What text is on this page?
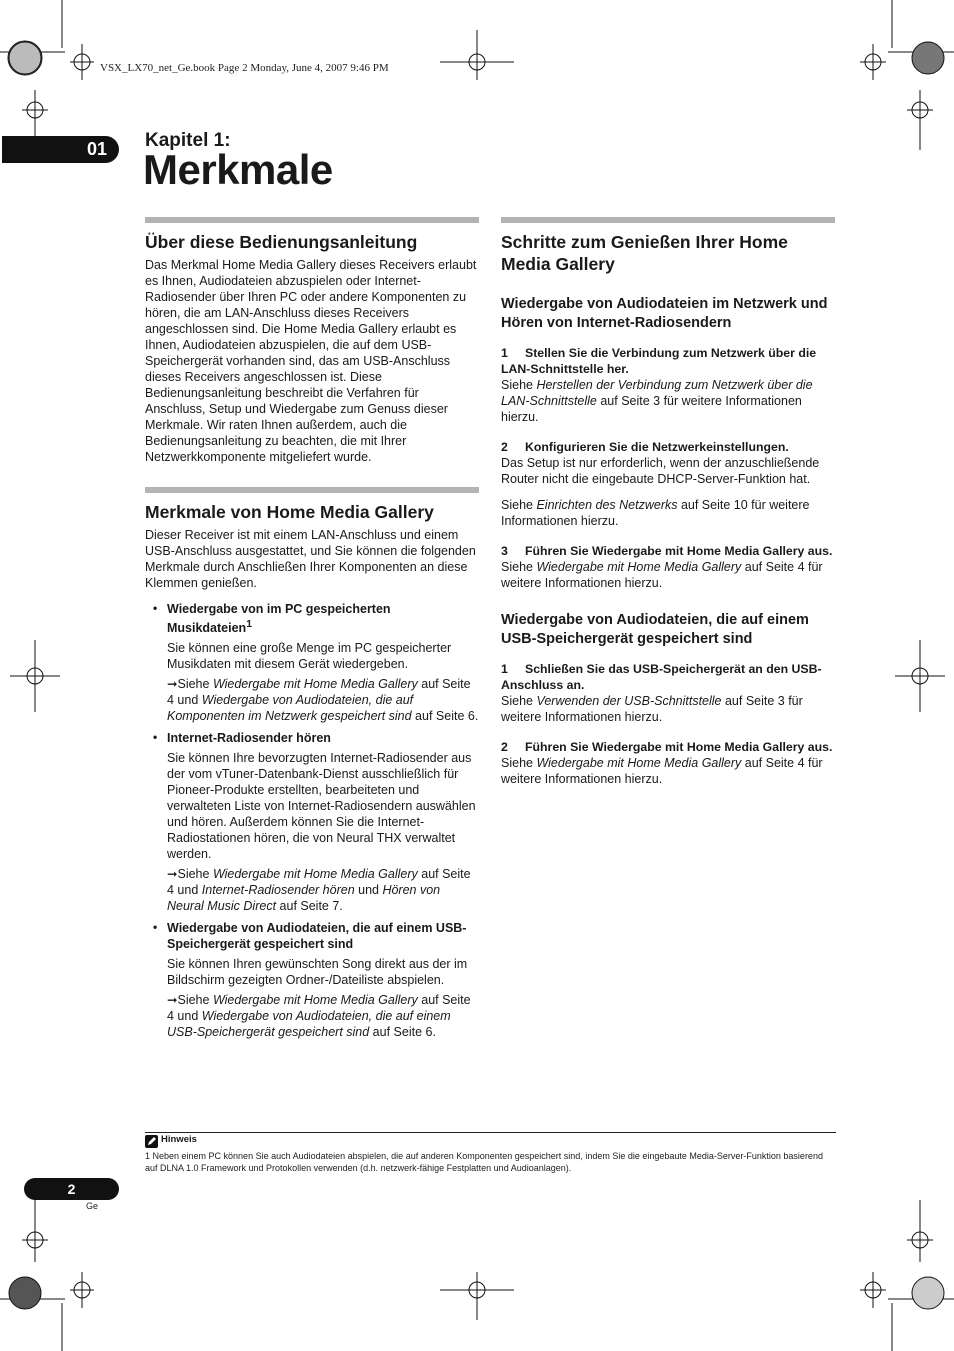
VSX_LX70_net_Ge.book Page 2 Monday, June 4, 2007 9:46 PM
01 Kapitel 1:
Merkmale
Über diese Bedienungsanleitung

Das Merkmal Home Media Gallery dieses Receivers erlaubt es Ihnen, Audiodateien abzuspielen oder Internet-Radiosender über Ihren PC oder andere Komponenten zu hören, die am LAN-Anschluss dieses Receivers angeschlossen sind. Die Home Media Gallery erlaubt es Ihnen, Audiodateien abzuspielen, die auf dem USB-Speichergerät vorhanden sind, das am USB-Anschluss dieses Receivers angeschlossen ist. Diese Bedienungsanleitung beschreibt die Verfahren für Anschluss, Setup und Wiedergabe zum Genuss dieser Merkmale. Wir raten Ihnen außerdem, auch die Bedienungsanleitung zu beachten, die mit Ihrer Netzwerkkomponente mitgeliefert wurde.

Merkmale von Home Media Gallery

Dieser Receiver ist mit einem LAN-Anschluss und einem USB-Anschluss ausgestattet, und Sie können die folgenden Merkmale durch Anschließen Ihrer Komponenten an diese Klemmen genießen.

• Wiedergabe von im PC gespeicherten Musikdateien$^1$
Sie können eine große Menge im PC gespeicherter Musikdaten mit diesem Gerät wiedergeben.
➞Siehe Wiedergabe mit Home Media Gallery auf Seite 4 und Wiedergabe von Audiodateien, die auf Komponenten im Netzwerk gespeichert sind auf Seite 6.
• Internet-Radiosender hören
Sie können Ihre bevorzugten Internet-Radiosender aus der vom vTuner-Datenbank-Dienst ausschließlich für Pioneer-Produkte erstellten, bearbeiteten und verwalteten Liste von Internet-Radiosendern auswählen und hören. Außerdem können Sie die Internet-Radiostationen hören, die von Neural THX verwaltet werden.
➞Siehe Wiedergabe mit Home Media Gallery auf Seite 4 und Internet-Radiosender hören und Hören von Neural Music Direct auf Seite 7.
• Wiedergabe von Audiodateien, die auf einem USB-Speichergerät gespeichert sind
Sie können Ihren gewünschten Song direkt aus der im Bildschirm gezeigten Ordner-/Dateiliste abspielen.
➞Siehe Wiedergabe mit Home Media Gallery auf Seite 4 und Wiedergabe von Audiodateien, die auf einem USB-Speichergerät gespeichert sind auf Seite 6.
Schritte zum Genießen Ihrer Home Media Gallery
Wiedergabe von Audiodateien im Netzwerk und Hören von Internet-Radiosendern
1 Stellen Sie die Verbindung zum Netzwerk über die LAN-Schnittstelle her.

Siehe Herstellen der Verbindung zum Netzwerk über die LAN-Schnittstelle auf Seite 3 für weitere Informationen hierzu.

2 Konfigurieren Sie die Netzwerkeinstellungen.

Das Setup ist nur erforderlich, wenn der anzuschließende Router nicht die eingebaute DHCP-Server-Funktion hat.

Siehe Einrichten des Netzwerks auf Seite 10 für weitere Informationen hierzu.

3 Führen Sie Wiedergabe mit Home Media Gallery aus.

Siehe Wiedergabe mit Home Media Gallery auf Seite 4 für weitere Informationen hierzu.

Wiedergabe von Audiodateien, die auf einem USB-Speichergerät gespeichert sind
1 Schließen Sie das USB-Speichergerät an den USB-Anschluss an.

Siehe Verwenden der USB-Schnittstelle auf Seite 3 für weitere Informationen hierzu.

2 Führen Sie Wiedergabe mit Home Media Gallery aus.

Siehe Wiedergabe mit Home Media Gallery auf Seite 4 für weitere Informationen hierzu.

Hinweis
1 Neben einem PC können Sie auch Audiodateien abspielen, die auf anderen Komponenten gespeichert sind, indem Sie die eingebaute Media-Server-Funktion basierend auf DLNA 1.0 Framework und Protokollen verwenden (d.h. netzwerk-fähige Festplatten und Audioanlagen).
2
Ge
